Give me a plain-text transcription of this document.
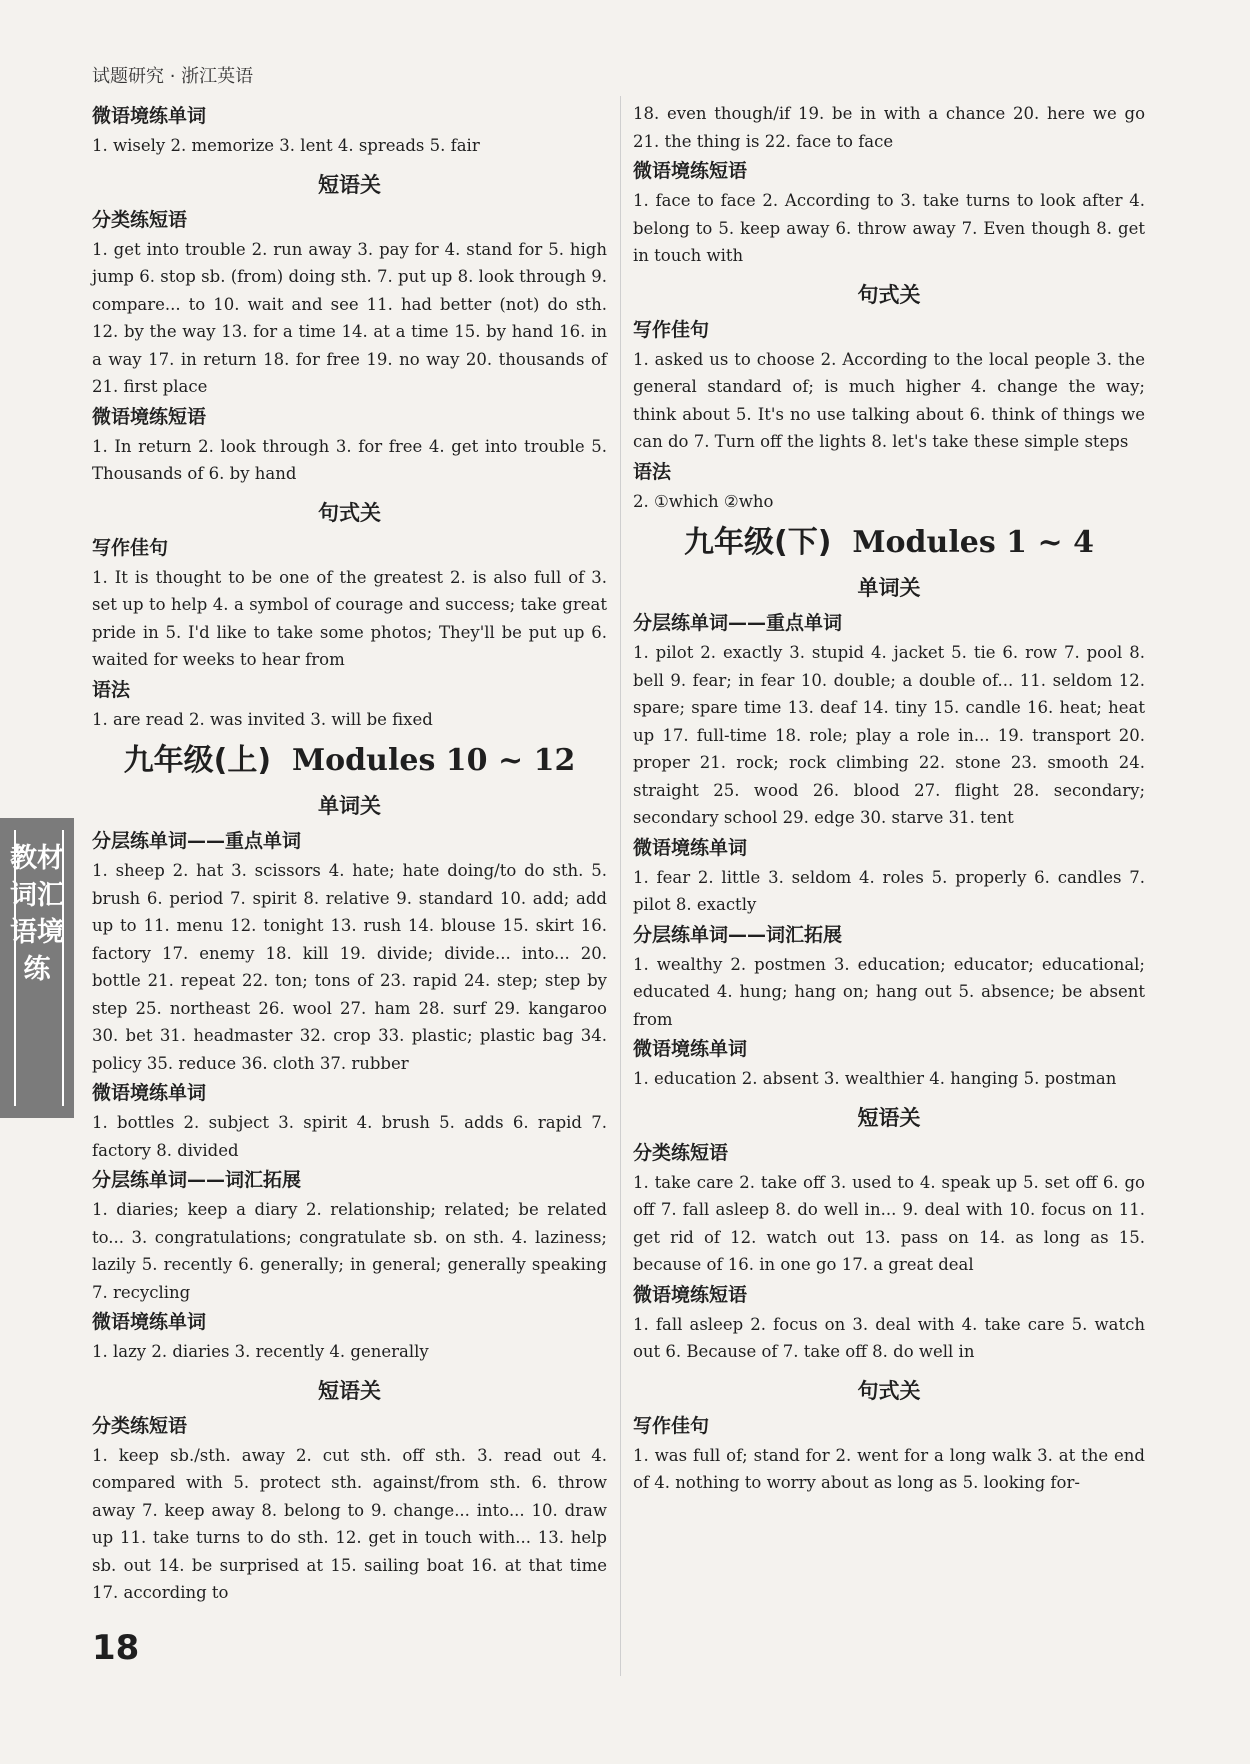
试题研究 · 浙江英语
微语境练单词
1. wisely 2. memorize 3. lent 4. spreads 5. fair
短语关
分类练短语
1. get into trouble 2. run away 3. pay for 4. stand for 5. high jump 6. stop sb. (from) doing sth. 7. put up 8. look through 9. compare... to 10. wait and see 11. had better (not) do sth. 12. by the way 13. for a time 14. at a time 15. by hand 16. in a way 17. in return 18. for free 19. no way 20. thousands of 21. first place
微语境练短语
1. In return 2. look through 3. for free 4. get into trouble 5. Thousands of 6. by hand
句式关
写作佳句
1. It is thought to be one of the greatest 2. is also full of 3. set up to help 4. a symbol of courage and success; take great pride in 5. I'd like to take some photos; They'll be put up 6. waited for weeks to hear from
语法
1. are read 2. was invited 3. will be fixed
九年级(上) Modules 10 ~ 12
单词关
分层练单词——重点单词
1. sheep 2. hat 3. scissors 4. hate; hate doing/to do sth. 5. brush 6. period 7. spirit 8. relative 9. standard 10. add; add up to 11. menu 12. tonight 13. rush 14. blouse 15. skirt 16. factory 17. enemy 18. kill 19. divide; divide... into... 20. bottle 21. repeat 22. ton; tons of 23. rapid 24. step; step by step 25. northeast 26. wool 27. ham 28. surf 29. kangaroo 30. bet 31. headmaster 32. crop 33. plastic; plastic bag 34. policy 35. reduce 36. cloth 37. rubber
微语境练单词
1. bottles 2. subject 3. spirit 4. brush 5. adds 6. rapid 7. factory 8. divided
分层练单词——词汇拓展
1. diaries; keep a diary 2. relationship; related; be related to... 3. congratulations; congratulate sb. on sth. 4. laziness; lazily 5. recently 6. generally; in general; generally speaking 7. recycling
微语境练单词
1. lazy 2. diaries 3. recently 4. generally
短语关
分类练短语
1. keep sb./sth. away 2. cut sth. off sth. 3. read out 4. compared with 5. protect sth. against/from sth. 6. throw away 7. keep away 8. belong to 9. change... into... 10. draw up 11. take turns to do sth. 12. get in touch with... 13. help sb. out 14. be surprised at 15. sailing boat 16. at that time 17. according to
18. even though/if 19. be in with a chance 20. here we go 21. the thing is 22. face to face
微语境练短语
1. face to face 2. According to 3. take turns to look after 4. belong to 5. keep away 6. throw away 7. Even though 8. get in touch with
句式关
写作佳句
1. asked us to choose 2. According to the local people 3. the general standard of; is much higher 4. change the way; think about 5. It's no use talking about 6. think of things we can do 7. Turn off the lights 8. let's take these simple steps
语法
2. ①which ②who
九年级(下) Modules 1 ~ 4
单词关
分层练单词——重点单词
1. pilot 2. exactly 3. stupid 4. jacket 5. tie 6. row 7. pool 8. bell 9. fear; in fear 10. double; a double of... 11. seldom 12. spare; spare time 13. deaf 14. tiny 15. candle 16. heat; heat up 17. full-time 18. role; play a role in... 19. transport 20. proper 21. rock; rock climbing 22. stone 23. smooth 24. straight 25. wood 26. blood 27. flight 28. secondary; secondary school 29. edge 30. starve 31. tent
微语境练单词
1. fear 2. little 3. seldom 4. roles 5. properly 6. candles 7. pilot 8. exactly
分层练单词——词汇拓展
1. wealthy 2. postmen 3. education; educator; educational; educated 4. hung; hang on; hang out 5. absence; be absent from
微语境练单词
1. education 2. absent 3. wealthier 4. hanging 5. postman
短语关
分类练短语
1. take care 2. take off 3. used to 4. speak up 5. set off 6. go off 7. fall asleep 8. do well in... 9. deal with 10. focus on 11. get rid of 12. watch out 13. pass on 14. as long as 15. because of 16. in one go 17. a great deal
微语境练短语
1. fall asleep 2. focus on 3. deal with 4. take care 5. watch out 6. Because of 7. take off 8. do well in
句式关
写作佳句
1. was full of; stand for 2. went for a long walk 3. at the end of 4. nothing to worry about as long as 5. looking for-
教材词汇语境练
18
